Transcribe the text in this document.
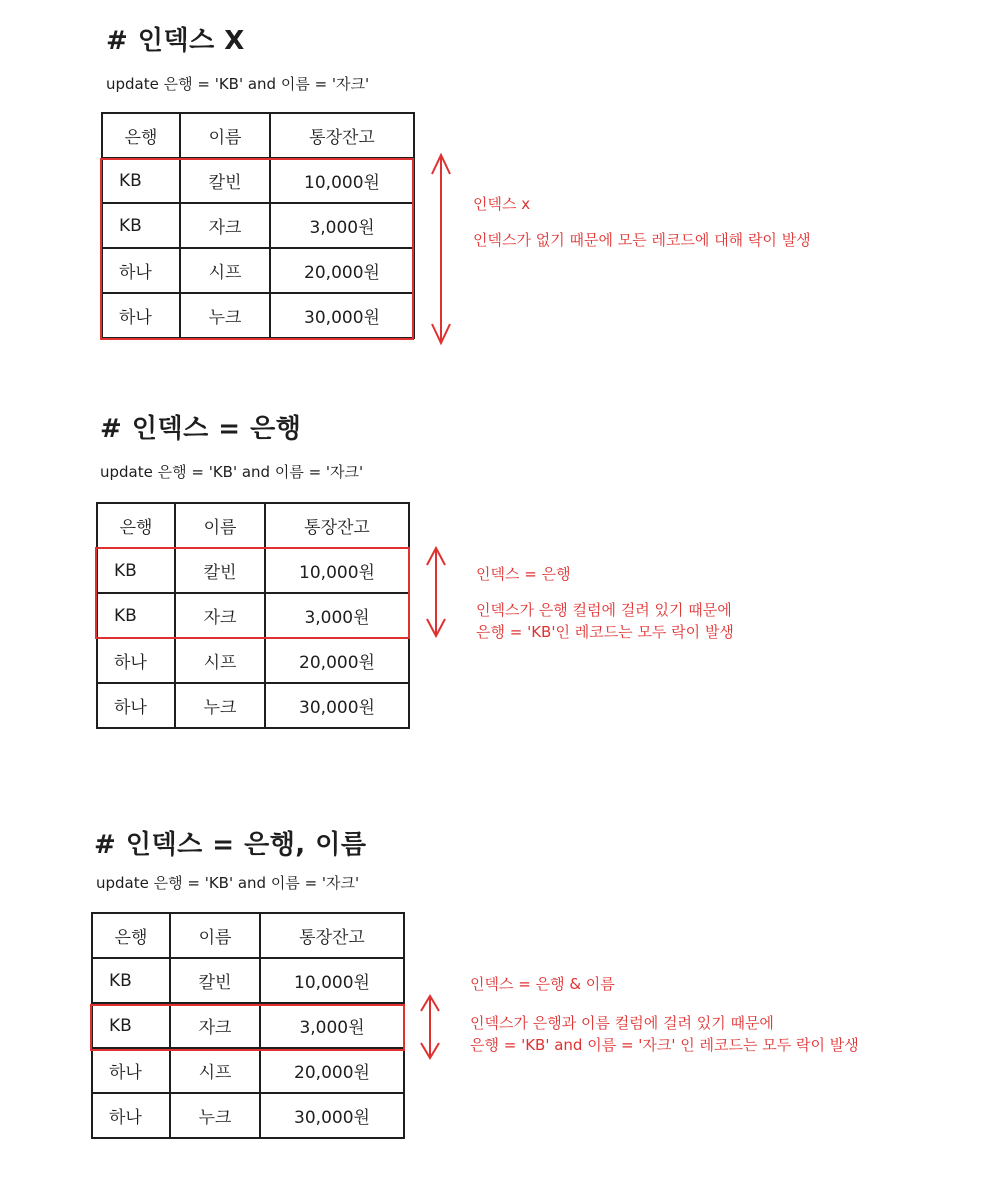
# 인덱스 X
update 은행 = 'KB' and 이름 = '자크'
은행	이름	통장잔고
KB	칼빈	10,000원
KB	자크	3,000원
하나	시프	20,000원
하나	누크	30,000원
인덱스 x
인덱스가 없기 때문에 모든 레코드에 대해 락이 발생
# 인덱스 = 은행
update 은행 = 'KB' and 이름 = '자크'
은행	이름	통장잔고
KB	칼빈	10,000원
KB	자크	3,000원
하나	시프	20,000원
하나	누크	30,000원
인덱스 = 은행
인덱스가 은행 컬럼에 걸려 있기 때문에
은행 = 'KB'인 레코드는 모두 락이 발생
# 인덱스 = 은행, 이름
update 은행 = 'KB' and 이름 = '자크'
은행	이름	통장잔고
KB	칼빈	10,000원
KB	자크	3,000원
하나	시프	20,000원
하나	누크	30,000원
인덱스 = 은행 & 이름
인덱스가 은행과 이름 컬럼에 걸려 있기 때문에
은행 = 'KB' and 이름 = '자크' 인 레코드는 모두 락이 발생
